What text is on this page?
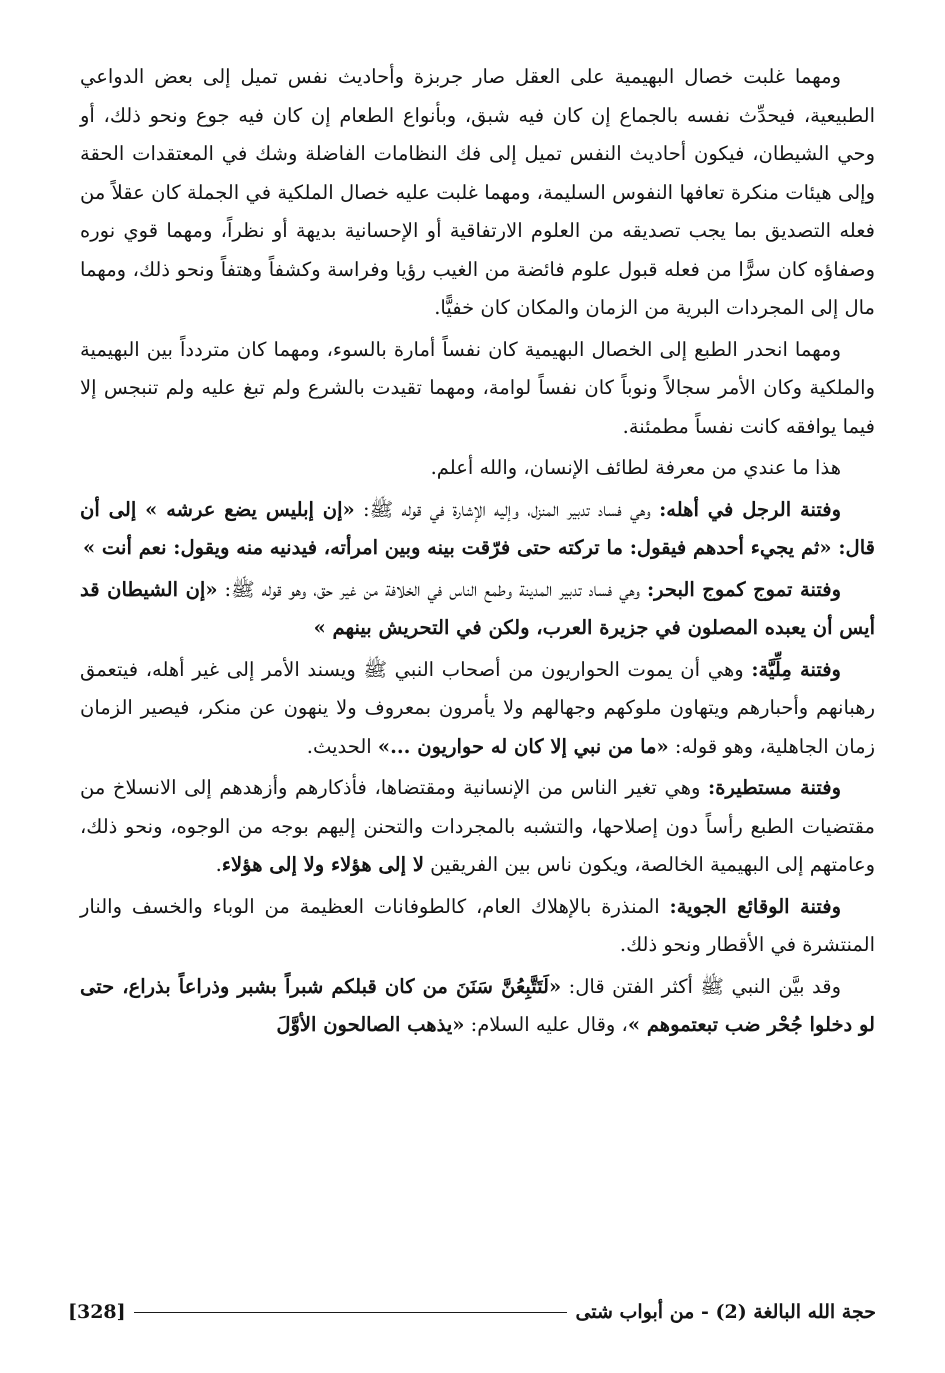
ومهما غلبت خصال البهيمية على العقل صار جربزة وأحاديث نفس تميل إلى بعض الدواعي الطبيعية، فيحدِّث نفسه بالجماع إن كان فيه شبق، وبأنواع الطعام إن كان فيه جوع ونحو ذلك، أو وحي الشيطان، فيكون أحاديث النفس تميل إلى فك النظامات الفاضلة وشك في المعتقدات الحقة وإلى هيئات منكرة تعافها النفوس السليمة، ومهما غلبت عليه خصال الملكية في الجملة كان عقلاً من فعله التصديق بما يجب تصديقه من العلوم الارتفاقية أو الإحسانية بديهة أو نظراً، ومهما قوي نوره وصفاؤه كان سرًّا من فعله قبول علوم فائضة من الغيب رؤيا وفراسة وكشفاً وهتفاً ونحو ذلك، ومهما مال إلى المجردات البرية من الزمان والمكان كان خفيًّا.

ومهما انحدر الطبع إلى الخصال البهيمية كان نفساً أمارة بالسوء، ومهما كان متردداً بين البهيمية والملكية وكان الأمر سجالاً ونوباً كان نفساً لوامة، ومهما تقيدت بالشرع ولم تبغ عليه ولم تنبجس إلا فيما يوافقه كانت نفساً مطمئنة.

هذا ما عندي من معرفة لطائف الإنسان، والله أعلم.

وفتنة الرجل في أهله: وهي فساد تدبير المنزل، وإليه الإشارة في قوله ﷺ: «إن إبليس يضع عرشه » إلى أن قال: «ثم يجيء أحدهم فيقول: ما تركته حتى فرّقت بينه وبين امرأته، فيدنيه منه ويقول: نعم أنت »

وفتنة تموج كموج البحر: وهي فساد تدبير المدينة وطمع الناس في الخلافة من غير حق، وهو قوله ﷺ: «إن الشيطان قد أيس أن يعبده المصلون في جزيرة العرب، ولكن في التحريش بينهم »

وفتنة مِلِّيَّة: وهي أن يموت الحواريون من أصحاب النبي ﷺ ويسند الأمر إلى غير أهله، فيتعمق رهبانهم وأحبارهم ويتهاون ملوكهم وجهالهم ولا يأمرون بمعروف ولا ينهون عن منكر، فيصير الزمان زمان الجاهلية، وهو قوله: «ما من نبي إلا كان له حواريون ...» الحديث.

وفتنة مستطيرة: وهي تغير الناس من الإنسانية ومقتضاها، فأذكارهم وأزهدهم إلى الانسلاخ من مقتضيات الطبع رأساً دون إصلاحها، والتشبه بالمجردات والتحنن إليهم بوجه من الوجوه، ونحو ذلك، وعامتهم إلى البهيمية الخالصة، ويكون ناس بين الفريقين لا إلى هؤلاء ولا إلى هؤلاء.

وفتنة الوقائع الجوية: المنذرة بالإهلاك العام، كالطوفانات العظيمة من الوباء والخسف والنار المنتشرة في الأقطار ونحو ذلك.

وقد بيَّن النبي ﷺ أكثر الفتن قال: «لَتَتَّبِعُنَّ سَنَنَ من كان قبلكم شبراً بشبر وذراعاً بذراع، حتى لو دخلوا جُحْر ضب تبعتموهم »، وقال عليه السلام: «يذهب الصالحون الأوَّلَ

حجة الله البالغة (2) - من أبواب شتى
[328]
